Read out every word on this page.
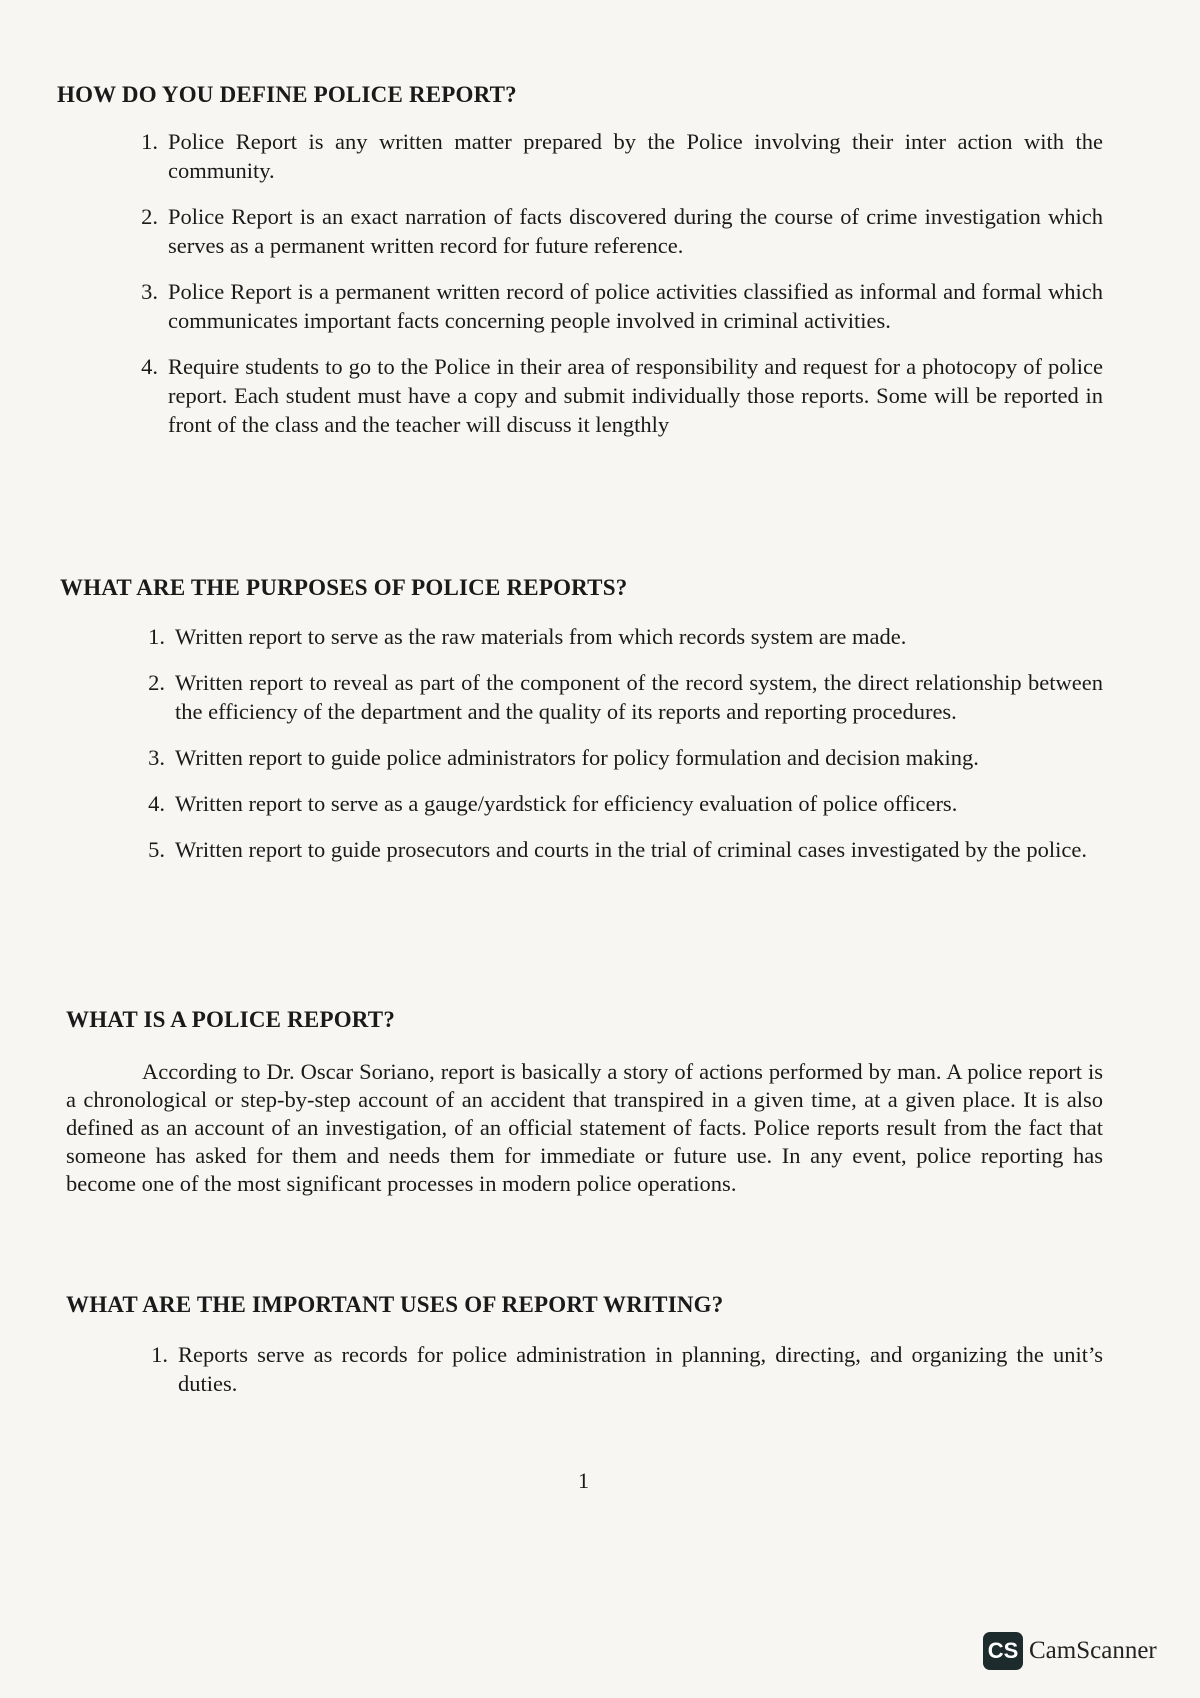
HOW DO YOU DEFINE POLICE REPORT?
1. Police Report is any written matter prepared by the Police involving their inter action with the community.
2. Police Report is an exact narration of facts discovered during the course of crime investigation which serves as a permanent written record for future reference.
3. Police Report is a permanent written record of police activities classified as informal and formal which communicates important facts concerning people involved in criminal activities.
4. Require students to go to the Police in their area of responsibility and request for a photocopy of police report. Each student must have a copy and submit individually those reports. Some will be reported in front of the class and the teacher will discuss it lengthly
WHAT ARE THE PURPOSES OF POLICE REPORTS?
1. Written report to serve as the raw materials from which records system are made.
2. Written report to reveal as part of the component of the record system, the direct relationship between the efficiency of the department and the quality of its reports and reporting procedures.
3. Written report to guide police administrators for policy formulation and decision making.
4. Written report to serve as a gauge/yardstick for efficiency evaluation of police officers.
5. Written report to guide prosecutors and courts in the trial of criminal cases investigated by the police.
WHAT IS A POLICE REPORT?

According to Dr. Oscar Soriano, report is basically a story of actions performed by man. A police report is a chronological or step-by-step account of an accident that transpired in a given time, at a given place. It is also defined as an account of an investigation, of an official statement of facts. Police reports result from the fact that someone has asked for them and needs them for immediate or future use. In any event, police reporting has become one of the most significant processes in modern police operations.

WHAT ARE THE IMPORTANT USES OF REPORT WRITING?
1. Reports serve as records for police administration in planning, directing, and organizing the unit’s duties.
1
CS CamScanner
